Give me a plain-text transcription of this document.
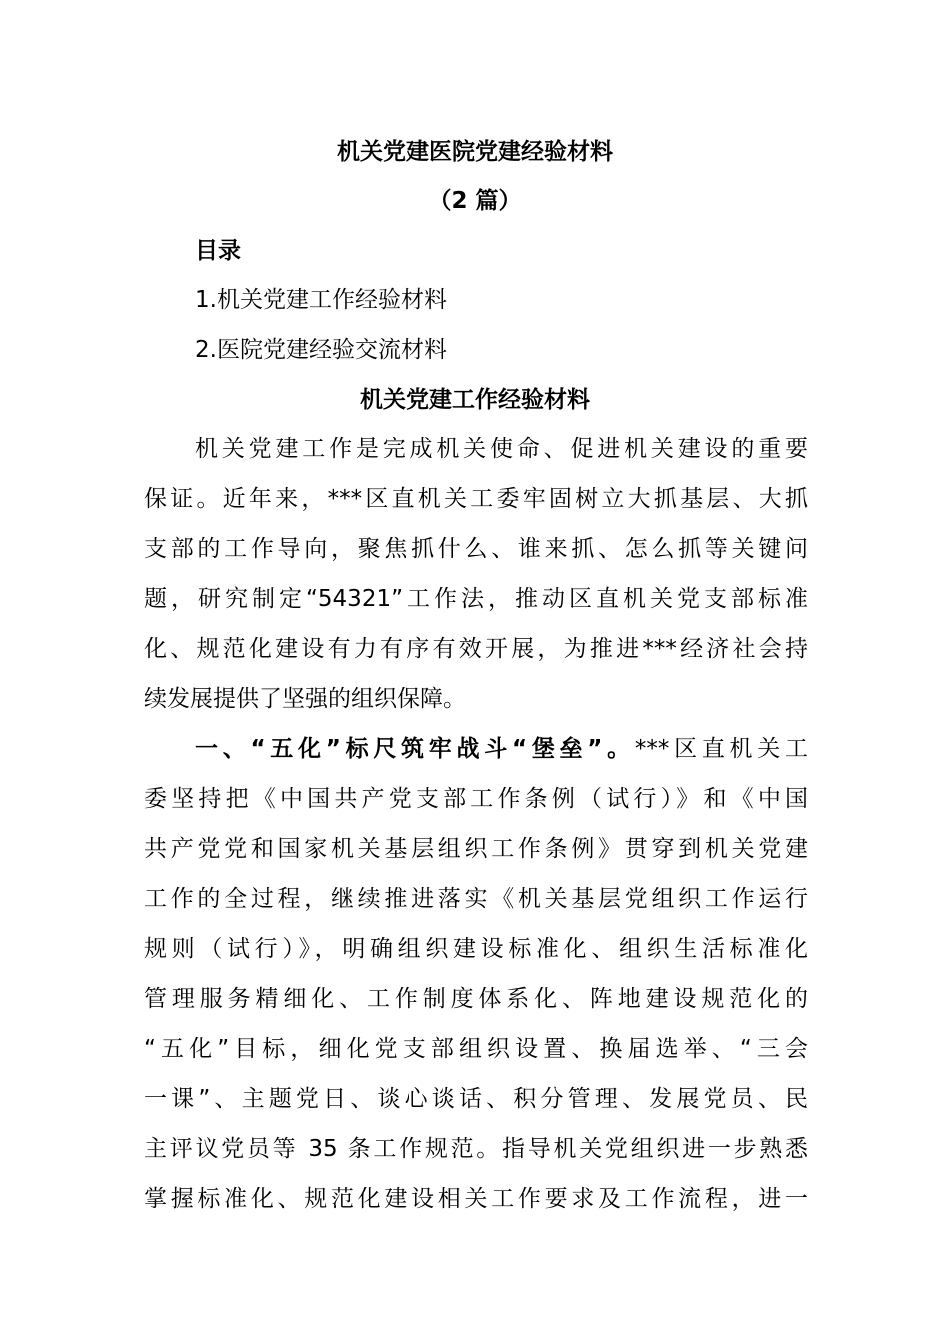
机关党建医院党建经验材料
（2 篇）
目录
1.机关党建工作经验材料
2.医院党建经验交流材料
机关党建工作经验材料
机关党建工作是完成机关使命、促进机关建设的重要
保证。近年来，***区直机关工委牢固树立大抓基层、大抓
支部的工作导向，聚焦抓什么、谁来抓、怎么抓等关键问
题，研究制定“54321”工作法，推动区直机关党支部标准
化、规范化建设有力有序有效开展，为推进***经济社会持
续发展提供了坚强的组织保障。
一、“五化”标尺筑牢战斗“堡垒”。***区直机关工
委坚持把《中国共产党支部工作条例（试行）》和《中国
共产党党和国家机关基层组织工作条例》贯穿到机关党建
工作的全过程，继续推进落实《机关基层党组织工作运行
规则（试行）》，明确组织建设标准化、组织生活标准化
管理服务精细化、工作制度体系化、阵地建设规范化的
“五化”目标，细化党支部组织设置、换届选举、“三会
一课”、主题党日、谈心谈话、积分管理、发展党员、民
主评议党员等 35 条工作规范。指导机关党组织进一步熟悉
掌握标准化、规范化建设相关工作要求及工作流程，进一
